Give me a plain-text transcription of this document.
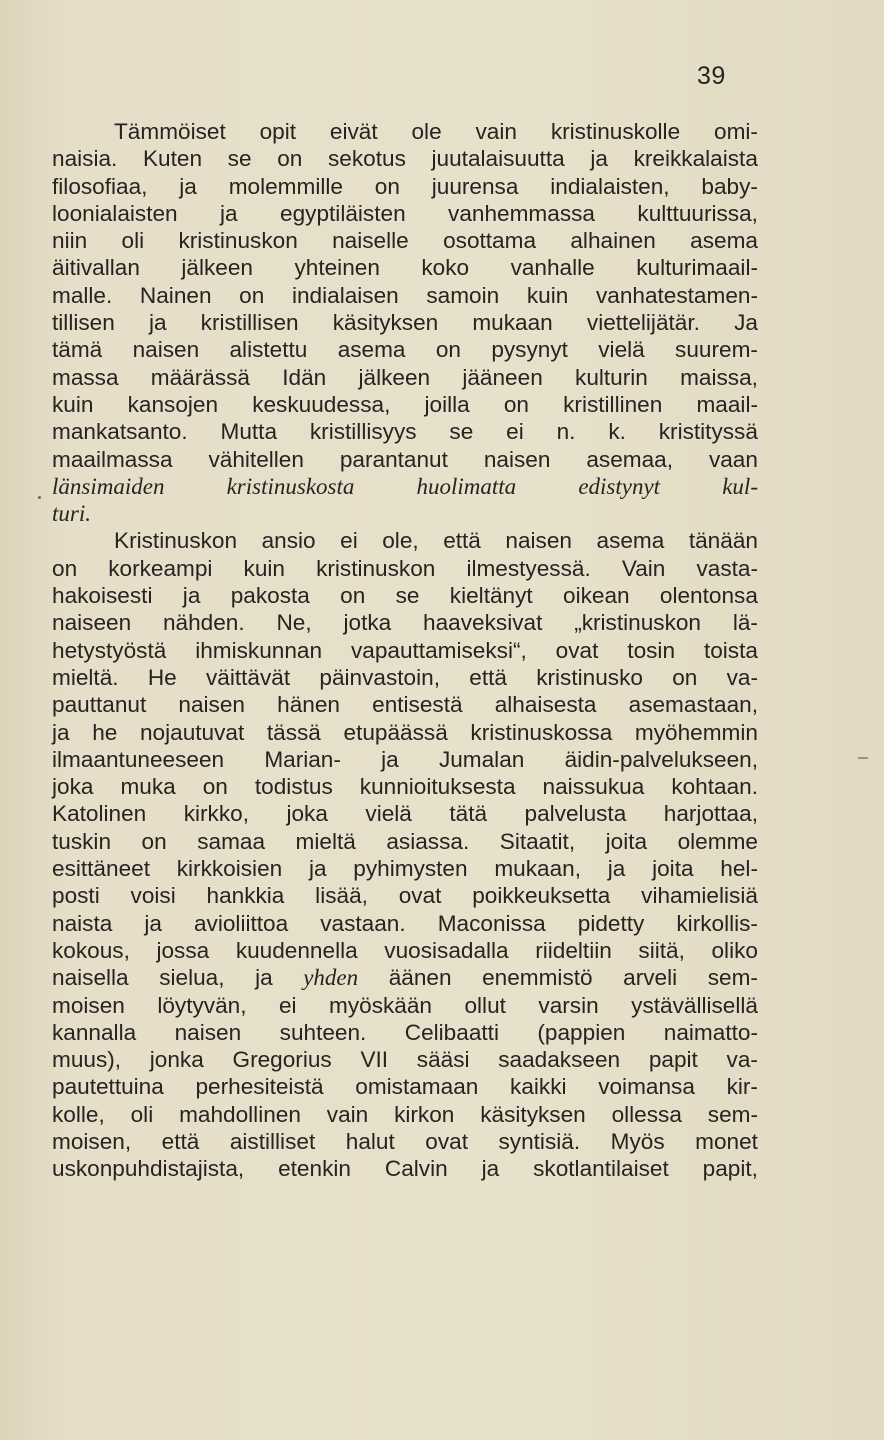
39
Tämmöiset opit eivät ole vain kristinuskolle omi-
naisia. Kuten se on sekotus juutalaisuutta ja kreikkalaista
filosofiaa, ja molemmille on juurensa indialaisten, baby-
loonialaisten ja egyptiläisten vanhemmassa kulttuurissa,
niin oli kristinuskon naiselle osottama alhainen asema
äitivallan jälkeen yhteinen koko vanhalle kulturimaail-
malle. Nainen on indialaisen samoin kuin vanhatestamen-
tillisen ja kristillisen käsityksen mukaan viettelijätär. Ja
tämä naisen alistettu asema on pysynyt vielä suurem-
massa määrässä Idän jälkeen jääneen kulturin maissa,
kuin kansojen keskuudessa, joilla on kristillinen maail-
mankatsanto. Mutta kristillisyys se ei n. k. kristityssä
maailmassa vähitellen parantanut naisen asemaa, vaan
länsimaiden	kristinuskosta	huolimatta	edistynyt	kul-
turi.
Kristinuskon ansio ei ole, että naisen asema tänään
on korkeampi kuin kristinuskon ilmestyessä. Vain vasta-
hakoisesti ja pakosta on se kieltänyt oikean olentonsa
naiseen nähden. Ne, jotka haaveksivat „kristinuskon lä-
hetystyöstä ihmiskunnan vapauttamiseksi“, ovat tosin toista
mieltä. He väittävät päinvastoin, että kristinusko on va-
pauttanut naisen hänen entisestä alhaisesta asemastaan,
ja he nojautuvat tässä etupäässä kristinuskossa myöhemmin
ilmaantuneeseen Marian- ja Jumalan äidin-palvelukseen,
joka muka on todistus kunnioituksesta naissukua kohtaan.
Katolinen kirkko, joka vielä tätä palvelusta harjottaa,
tuskin on samaa mieltä asiassa. Sitaatit, joita olemme
esittäneet kirkkoisien ja pyhimysten mukaan, ja joita hel-
posti voisi hankkia lisää, ovat poikkeuksetta vihamielisiä
naista ja avioliittoa vastaan. Maconissa pidetty kirkollis-
kokous, jossa kuudennella vuosisadalla riideltiin siitä, oliko
naisella sielua, ja yhden äänen enemmistö arveli sem-
moisen löytyvän, ei myöskään ollut varsin ystävällisellä
kannalla naisen suhteen. Celibaatti (pappien naimatto-
muus), jonka Gregorius VII sääsi saadakseen papit va-
pautettuina perhesiteistä omistamaan kaikki voimansa kir-
kolle, oli mahdollinen vain kirkon käsityksen ollessa sem-
moisen, että aistilliset halut ovat syntisiä. Myös monet
uskonpuhdistajista, etenkin Calvin ja skotlantilaiset papit,
